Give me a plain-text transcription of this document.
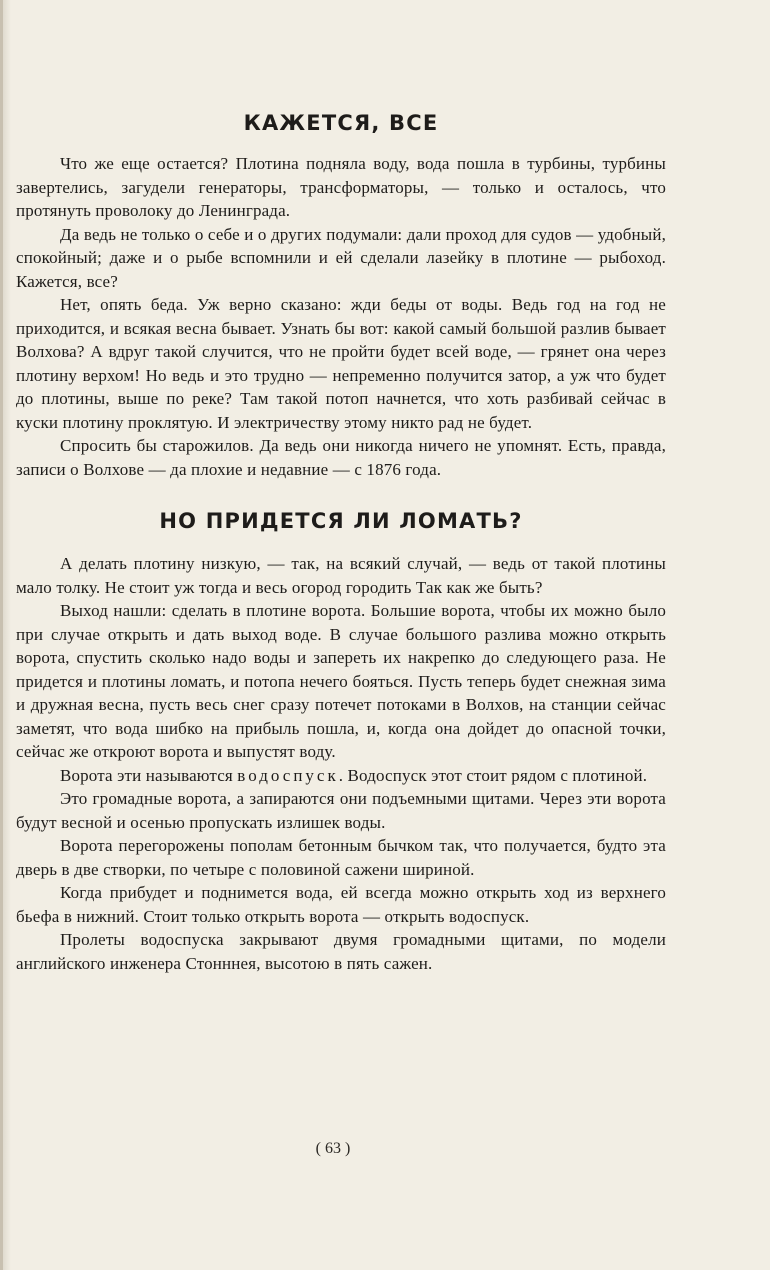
КАЖЕТСЯ, ВСЕ

Что же еще остается? Плотина подняла воду, вода пошла в турбины, турбины завертелись, загудели генераторы, трансформаторы, — только и осталось, что протянуть проволоку до Ленинграда.

Да ведь не только о себе и о других подумали: дали проход для судов — удобный, спокойный; даже и о рыбе вспомнили и ей сделали лазейку в плотине — рыбоход. Кажется, все?

Нет, опять беда. Уж верно сказано: жди беды от воды. Ведь год на год не приходится, и всякая весна бывает. Узнать бы вот: какой самый большой разлив бывает Волхова? А вдруг такой случится, что не пройти будет всей воде, — грянет она через плотину верхом! Но ведь и это трудно — непременно получится затор, а уж что будет до плотины, выше по реке? Там такой потоп начнется, что хоть разбивай сейчас в куски плотину проклятую. И электричеству этому никто рад не будет.

Спросить бы старожилов. Да ведь они никогда ничего не упомнят. Есть, правда, записи о Волхове — да плохие и недавние — с 1876 года.

НО ПРИДЕТСЯ ЛИ ЛОМАТЬ?

А делать плотину низкую, — так, на всякий случай, — ведь от такой плотины мало толку. Не стоит уж тогда и весь огород городить Так как же быть?

Выход нашли: сделать в плотине ворота. Большие ворота, чтобы их можно было при случае открыть и дать выход воде. В случае большого разлива можно открыть ворота, спустить сколько надо воды и запереть их накрепко до следующего раза. Не придется и плотины ломать, и потопа нечего бояться. Пусть теперь будет снежная зима и дружная весна, пусть весь снег сразу потечет потоками в Волхов, на станции сейчас заметят, что вода шибко на прибыль пошла, и, когда она дойдет до опасной точки, сейчас же откроют ворота и выпустят воду.

Ворота эти называются водоспуск. Водоспуск этот стоит рядом с плотиной.

Это громадные ворота, а запираются они подъемными щитами. Через эти ворота будут весной и осенью пропускать излишек воды.

Ворота перегорожены пополам бетонным бычком так, что получается, будто эта дверь в две створки, по четыре с половиной сажени шириной.

Когда прибудет и поднимется вода, ей всегда можно открыть ход из верхнего бьефа в нижний. Стоит только открыть ворота — открыть водоспуск.

Пролеты водоспуска закрывают двумя громадными щитами, по модели английского инженера Стонннея, высотою в пять сажен.

( 63 )
